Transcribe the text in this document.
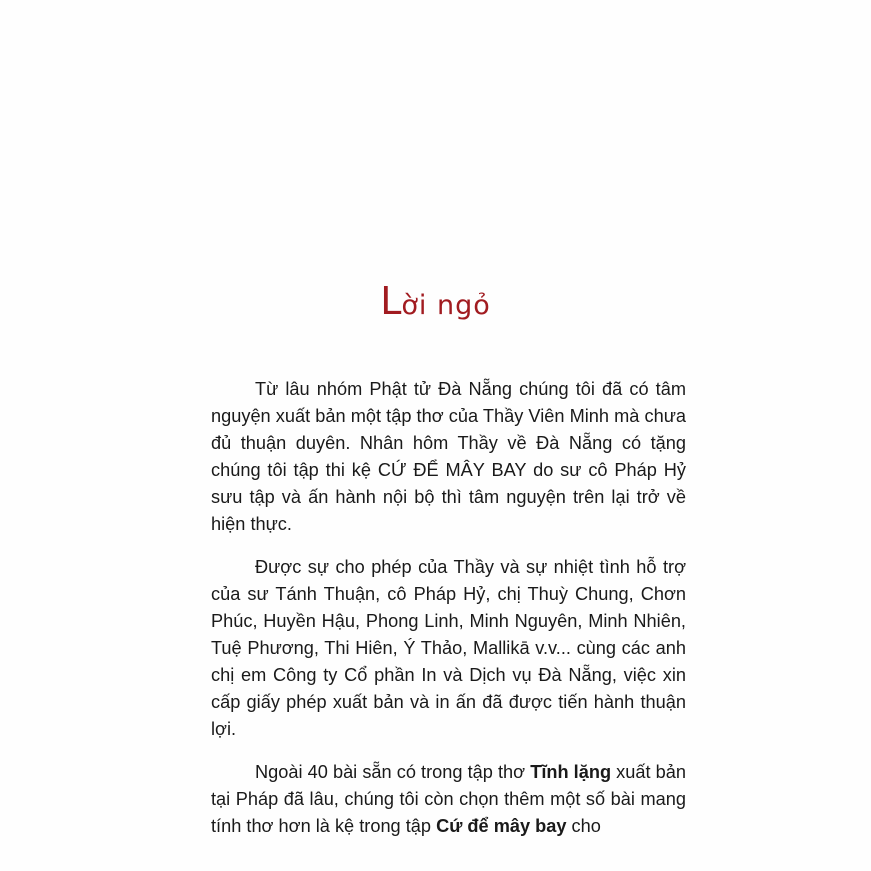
Lời ngỏ

Từ lâu nhóm Phật tử Đà Nẵng chúng tôi đã có tâm nguyện xuất bản một tập thơ của Thầy Viên Minh mà chưa đủ thuận duyên. Nhân hôm Thầy về Đà Nẵng có tặng chúng tôi tập thi kệ CỨ ĐỂ MÂY BAY do sư cô Pháp Hỷ sưu tập và ấn hành nội bộ thì tâm nguyện trên lại trở về hiện thực.

Được sự cho phép của Thầy và sự nhiệt tình hỗ trợ của sư Tánh Thuận, cô Pháp Hỷ, chị Thuỳ Chung, Chơn Phúc, Huyền Hậu, Phong Linh, Minh Nguyên, Minh Nhiên, Tuệ Phương, Thi Hiên, Ý Thảo, Mallikā v.v... cùng các anh chị em Công ty Cổ phần In và Dịch vụ Đà Nẵng, việc xin cấp giấy phép xuất bản và in ấn đã được tiến hành thuận lợi.

Ngoài 40 bài sẵn có trong tập thơ Tĩnh lặng xuất bản tại Pháp đã lâu, chúng tôi còn chọn thêm một số bài mang tính thơ hơn là kệ trong tập Cứ để mây bay cho
